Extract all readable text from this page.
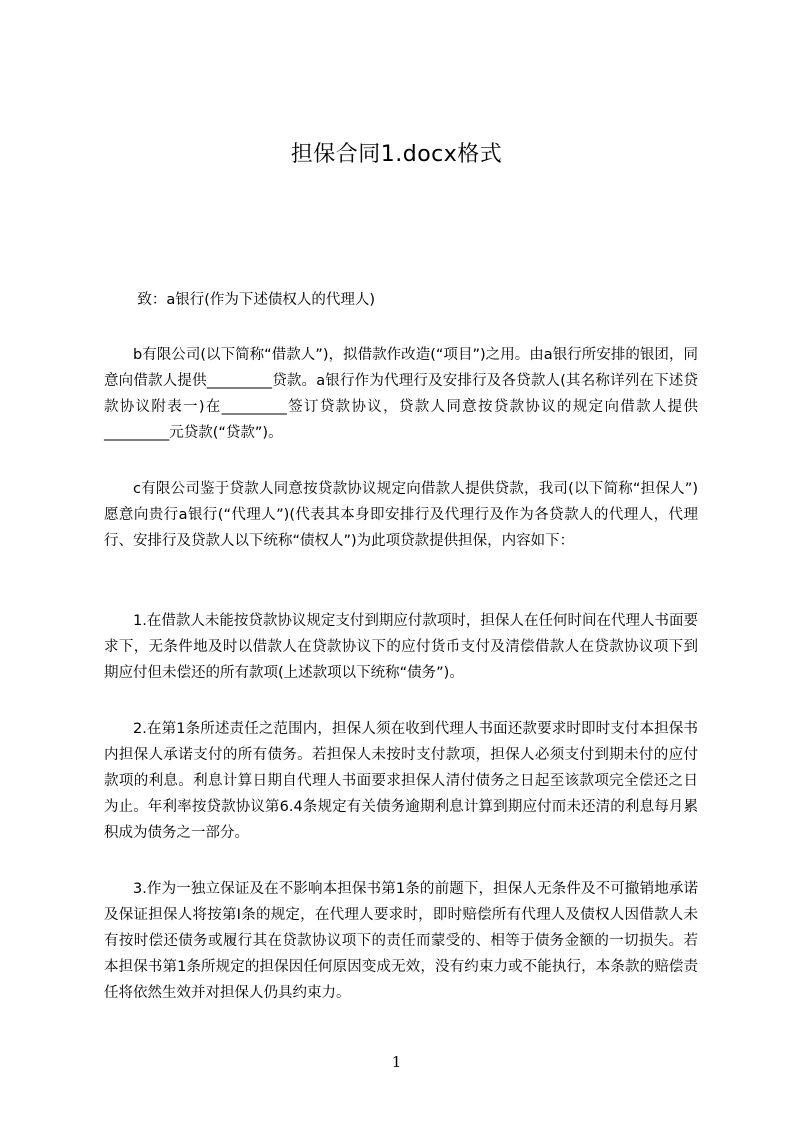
担保合同1.docx格式

致：a银行(作为下述债权人的代理人)

b有限公司(以下简称“借款人”)，拟借款作改造(“项目”)之用。由a银行所安排的银团，同意向借款人提供_________贷款。a银行作为代理行及安排行及各贷款人(其名称详列在下述贷款协议附表一)在_________签订贷款协议，贷款人同意按贷款协议的规定向借款人提供_________元贷款(“贷款”)。

c有限公司鉴于贷款人同意按贷款协议规定向借款人提供贷款，我司(以下简称“担保人”)愿意向贵行a银行(“代理人”)(代表其本身即安排行及代理行及作为各贷款人的代理人，代理行、安排行及贷款人以下统称“债权人”)为此项贷款提供担保，内容如下：

1.在借款人未能按贷款协议规定支付到期应付款项时，担保人在任何时间在代理人书面要求下，无条件地及时以借款人在贷款协议下的应付货币支付及清偿借款人在贷款协议项下到期应付但未偿还的所有款项(上述款项以下统称“债务”)。

2.在第1条所述责任之范围内，担保人须在收到代理人书面还款要求时即时支付本担保书内担保人承诺支付的所有债务。若担保人未按时支付款项，担保人必须支付到期未付的应付款项的利息。利息计算日期自代理人书面要求担保人清付债务之日起至该款项完全偿还之日为止。年利率按贷款协议第6.4条规定有关债务逾期利息计算到期应付而未还清的利息每月累积成为债务之一部分。

3.作为一独立保证及在不影响本担保书第1条的前题下，担保人无条件及不可撤销地承诺及保证担保人将按第Ⅰ条的规定，在代理人要求时，即时赔偿所有代理人及债权人因借款人未有按时偿还债务或履行其在贷款协议项下的责任而蒙受的、相等于债务金额的一切损失。若本担保书第1条所规定的担保因任何原因变成无效，没有约束力或不能执行，本条款的赔偿责任将依然生效并对担保人仍具约束力。

1
